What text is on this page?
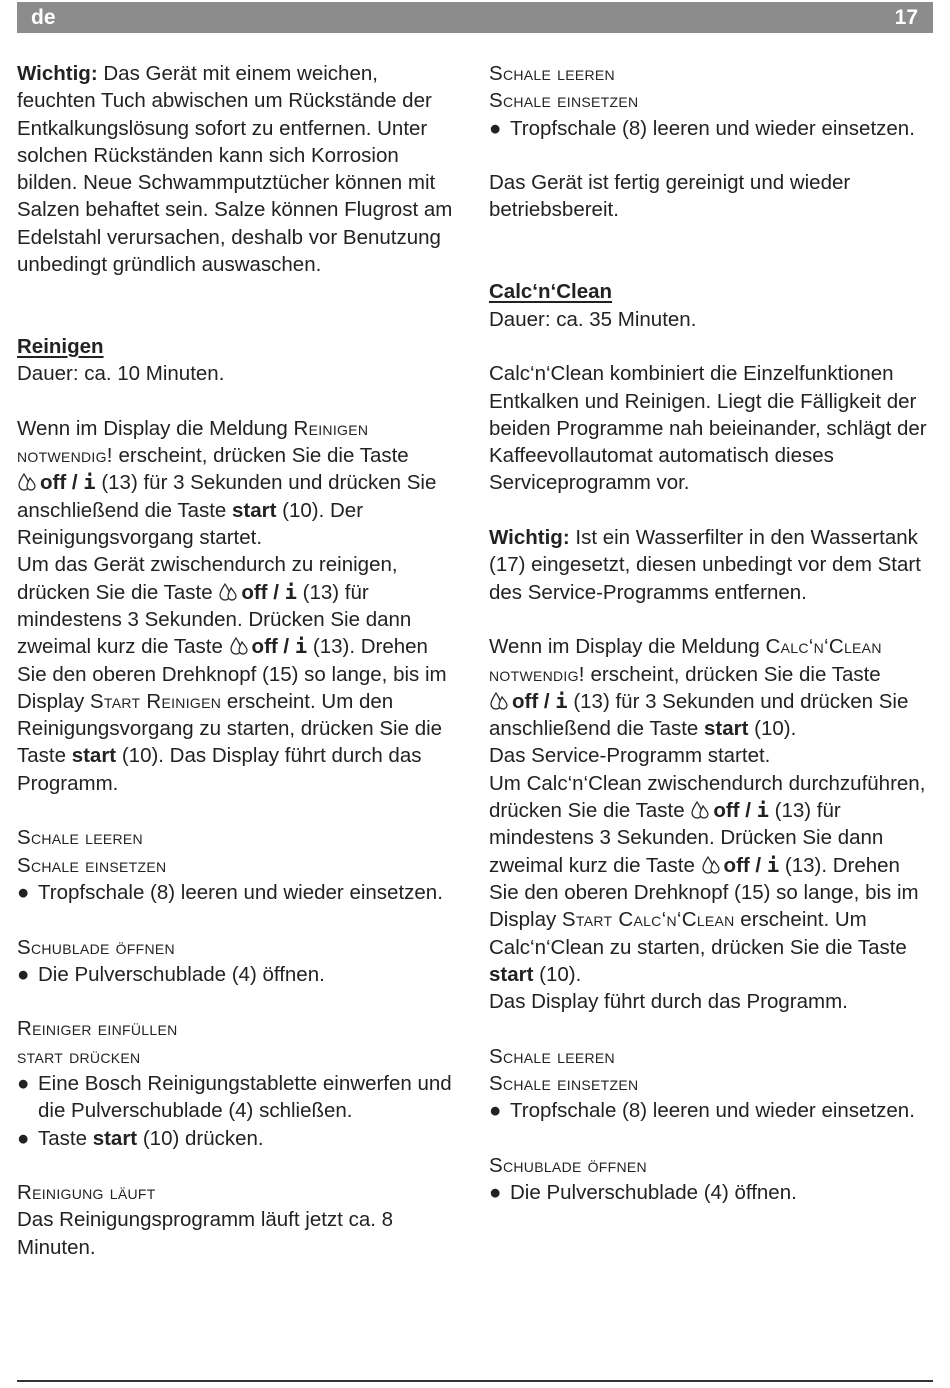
de	17

Wichtig: Das Gerät mit einem weichen, feuchten Tuch abwischen um Rückstände der Entkalkungslösung sofort zu entfernen. Unter solchen Rückständen kann sich Korrosion bilden. Neue Schwammputztücher können mit Salzen behaftet sein. Salze können Flugrost am Edelstahl verursachen, deshalb vor Benutzung unbedingt gründlich auswaschen.

Reinigen

Dauer: ca. 10 Minuten.

Wenn im Display die Meldung Reinigen notwendig! erscheint, drücken Sie die Taste off / i (13) für 3 Sekunden und drücken Sie anschließend die Taste start (10). Der Reinigungsvorgang startet.
Um das Gerät zwischendurch zu reinigen, drücken Sie die Taste off / i (13) für mindestens 3 Sekunden. Drücken Sie dann zweimal kurz die Taste off / i (13). Drehen Sie den oberen Drehknopf (15) so lange, bis im Display Start Reinigen erscheint. Um den Reinigungsvorgang zu starten, drücken Sie die Taste start (10). Das Display führt durch das Programm.

Schale leeren

Schale einsetzen

● Tropfschale (8) leeren und wieder einsetzen.

Schublade öffnen

● Die Pulverschublade (4) öffnen.

Reiniger einfüllen

start drücken

● Eine Bosch Reinigungstablette einwerfen und die Pulverschublade (4) schließen.

● Taste start (10) drücken.

Reinigung läuft

Das Reinigungsprogramm läuft jetzt ca. 8 Minuten.

Schale leeren

Schale einsetzen

● Tropfschale (8) leeren und wieder einsetzen.

Das Gerät ist fertig gereinigt und wieder betriebsbereit.

Calc‘n‘Clean

Dauer: ca. 35 Minuten.

Calc‘n‘Clean kombiniert die Einzelfunktionen Entkalken und Reinigen. Liegt die Fälligkeit der beiden Programme nah beieinander, schlägt der Kaffeevollautomat automatisch dieses Serviceprogramm vor.

Wichtig: Ist ein Wasserfilter in den Wassertank (17) eingesetzt, diesen unbedingt vor dem Start des Service-Programms entfernen.

Wenn im Display die Meldung Calc‘n‘Clean notwendig! erscheint, drücken Sie die Taste off / i (13) für 3 Sekunden und drücken Sie anschließend die Taste start (10).
Das Service-Programm startet.
Um Calc‘n‘Clean zwischendurch durchzuführen, drücken Sie die Taste off / i (13) für mindestens 3 Sekunden. Drücken Sie dann zweimal kurz die Taste off / i (13). Drehen Sie den oberen Drehknopf (15) so lange, bis im Display Start Calc‘n‘Clean erscheint. Um Calc‘n‘Clean zu starten, drücken Sie die Taste start (10).
Das Display führt durch das Programm.

Schale leeren

Schale einsetzen

● Tropfschale (8) leeren und wieder einsetzen.

Schublade öffnen

● Die Pulverschublade (4) öffnen.
